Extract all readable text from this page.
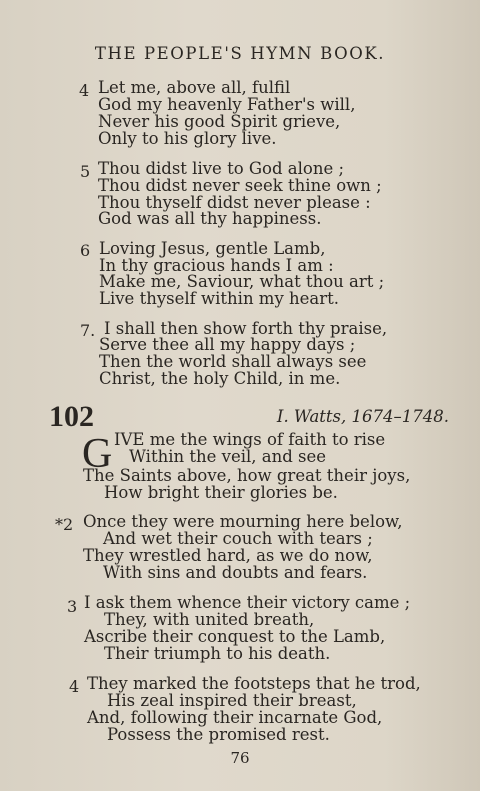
THE PEOPLE'S HYMN BOOK.
4 Let me, above all, fulfil
God my heavenly Father's will,
Never his good Spirit grieve,
Only to his glory live.
5 Thou didst live to God alone ;
Thou didst never seek thine own ;
Thou thyself didst never please :
God was all thy happiness.
6 Loving Jesus, gentle Lamb,
In thy gracious hands I am :
Make me, Saviour, what thou art ;
Live thyself within my heart.
7. I shall then show forth thy praise,
Serve thee all my happy days ;
Then the world shall always see
Christ, the holy Child, in me.
102	I. Watts, 1674–1748.
G IVE me the wings of faith to rise
Within the veil, and see
The Saints above, how great their joys,
How bright their glories be.
*2 Once they were mourning here below,
And wet their couch with tears ;
They wrestled hard, as we do now,
With sins and doubts and fears.
3 I ask them whence their victory came ;
They, with united breath,
Ascribe their conquest to the Lamb,
Their triumph to his death.
4 They marked the footsteps that he trod,
His zeal inspired their breast,
And, following their incarnate God,
Possess the promised rest.
76
